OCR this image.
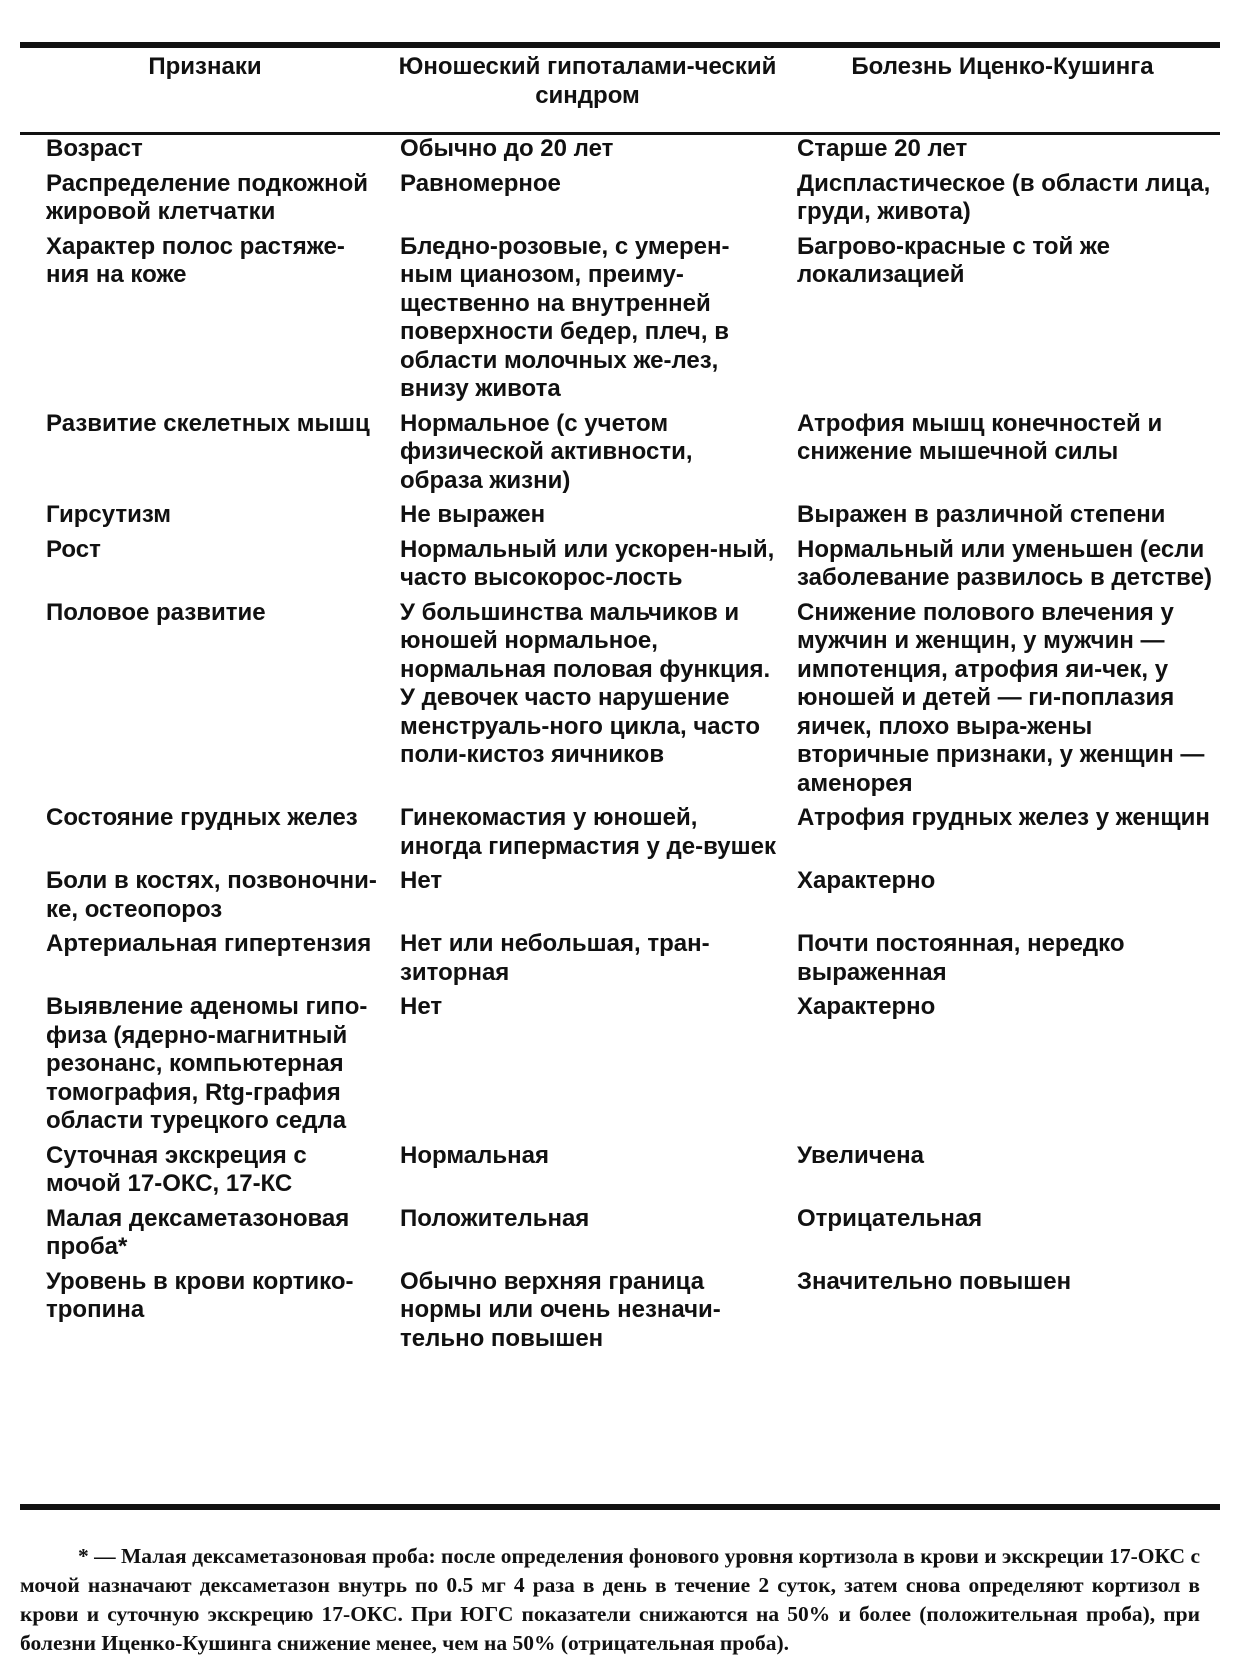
Признаки	Юношеский гипоталами-ческий синдром	Болезнь Иценко-Кушинга
Возраст	Обычно до 20 лет	Старше 20 лет
Распределение подкожной жировой клетчатки	Равномерное	Диспластическое (в области лица, груди, живота)
Характер полос растяже-ния на коже	Бледно-розовые, с умерен-ным цианозом, преиму-щественно на внутренней поверхности бедер, плеч, в области молочных же-лез, внизу живота	Багрово-красные с той же локализацией
Развитие скелетных мышц	Нормальное (с учетом физической активности, образа жизни)	Атрофия мышц конечностей и снижение мышечной силы
Гирсутизм	Не выражен	Выражен в различной степени
Рост	Нормальный или ускорен-ный, часто высокорос-лость	Нормальный или уменьшен (если заболевание развилось в детстве)
Половое развитие	У большинства мальчиков и юношей нормальное, нормальная половая функция. У девочек часто нарушение менструаль-ного цикла, часто поли-кистоз яичников	Снижение полового влечения у мужчин и женщин, у мужчин — импотенция, атрофия яи-чек, у юношей и детей — ги-поплазия яичек, плохо выра-жены вторичные признаки, у женщин — аменорея
Состояние грудных желез	Гинекомастия у юношей, иногда гипермастия у де-вушек	Атрофия грудных желез у женщин
Боли в костях, позвоночни-ке, остеопороз	Нет	Характерно
Артериальная гипертензия	Нет или небольшая, тран-зиторная	Почти постоянная, нередко выраженная
Выявление аденомы гипо-физа (ядерно-магнитный резонанс, компьютерная томография, Rtg-графия области турецкого седла	Нет	Характерно
Суточная экскреция с мочой 17-ОКС, 17-КС	Нормальная	Увеличена
Малая дексаметазоновая проба*	Положительная	Отрицательная
Уровень в крови кортико-тропина	Обычно верхняя граница нормы или очень незначи-тельно повышен	Значительно повышен

* — Малая дексаметазоновая проба: после определения фонового уровня кортизола в крови и экскреции 17-ОКС с мочой назначают дексаметазон внутрь по 0.5 мг 4 раза в день в течение 2 суток, затем снова определяют кортизол в крови и суточную экскрецию 17-ОКС. При ЮГС показатели снижаются на 50% и более (положительная проба), при болезни Иценко-Кушинга снижение менее, чем на 50% (отрицательная проба).
